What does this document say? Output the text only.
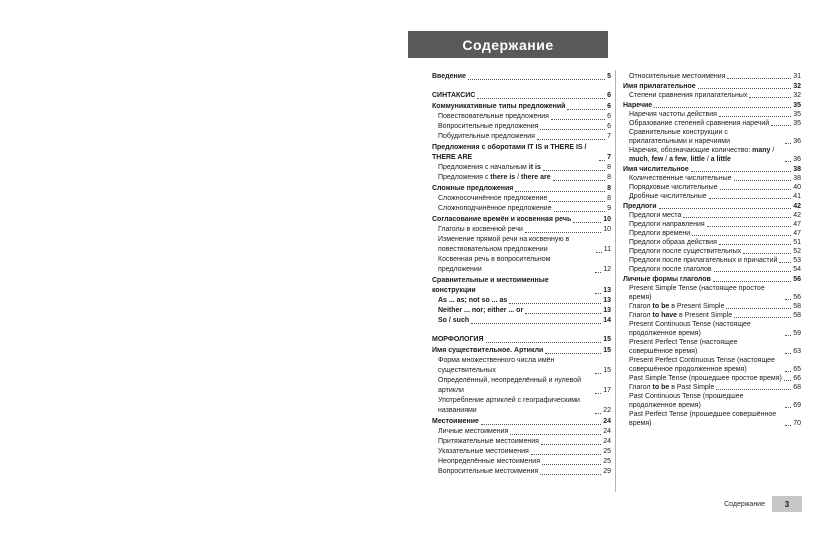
Содержание
Введение	5
СИНТАКСИС	6
Коммуникативные типы предложений	6
Повествовательные предложения	6
Вопросительные предложения	6
Побудительные предложения	7
Предложения с оборотами IT IS и THERE IS / THERE ARE	7
Предложения с начальным it is	8
Предложения с there is / there are	8
Сложные предложения	8
Сложносочинённое предложение	8
Сложноподчинённое предложение	9
Согласование времён и косвенная речь	10
Глаголы в косвенной речи	10
Изменение прямой речи на косвенную в повествовательном предложении	11
Косвенная речь в вопросительном предложении	12
Сравнительные и местоименные конструкции	13
As ... as; not so ... as	13
Neither ... nor; either ... or	13
So / such	14
МОРФОЛОГИЯ	15
Имя существительное. Артикли	15
Форма множественного числа имён существительных	15
Определённый, неопределённый и нулевой артикли	17
Употребление артиклей с географическими названиями	22
Местоимение	24
Личные местоимения	24
Притяжательные местоимения	24
Указательные местоимения	25
Неопределённые местоимения	25
Вопросительные местоимения	29
Относительные местоимения	31
Имя прилагательное	32
Степени сравнения прилагательных	32
Наречие	35
Наречия частоты действия	35
Образование степеней сравнения наречий	35
Сравнительные конструкции с прилагательными и наречиями	36
Наречия, обозначающие количество: many / much, few / a few, little / a little	36
Имя числительное	38
Количественные числительные	38
Порядковые числительные	40
Дробные числительные	41
Предлоги	42
Предлоги места	42
Предлоги направления	47
Предлоги времени	47
Предлоги образа действия	51
Предлоги после существительных	52
Предлоги после прилагательных и причастий 53
Предлоги после глаголов	54
Личные формы глаголов	56
Present Simple Tense (настоящее простое время)	56
Глагол to be в Present Simple	58
Глагол to have в Present Simple	58
Present Continuous Tense (настоящее продолженное время)	59
Present Perfect Tense (настоящее совершённое время)	63
Present Perfect Continuous Tense (настоящее совершённое продолженное время)	65
Past Simple Tense (прошедшее простое время) 66
Глагол to be в Past Simple	68
Past Continuous Tense (прошедшее продолженное время)	69
Past Perfect Tense (прошедшее совершённое время)	70
Содержание	3
